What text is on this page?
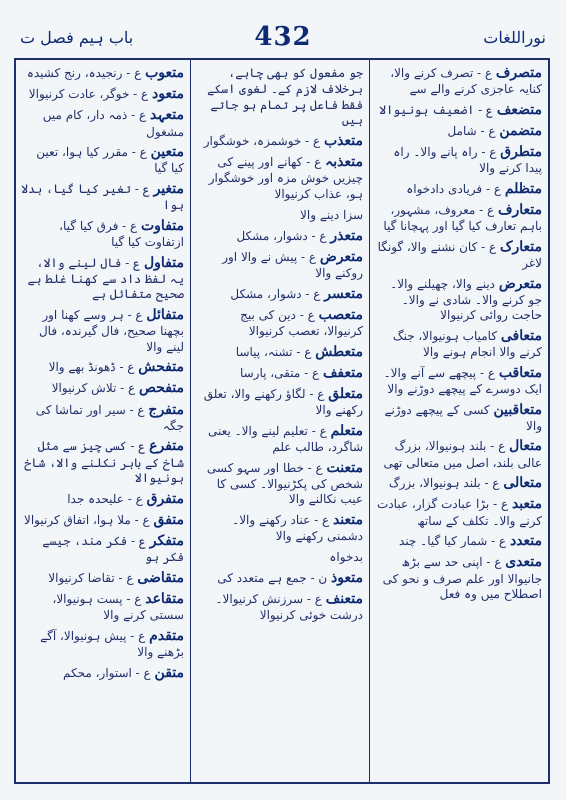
نوراللغات
432
باب ہیم فصل ت
متصرف ع - تصرف کرنے والا، کنایہ عاجزی کرنے والے سے
متضعف ع - اضعیف ہونیوالا
متضمن ع - شامل
متطرق ع - راہ پانے والا۔ راہ پیدا کرنے والا
متظلم ع - فریادی دادخواہ
متعارف ع - معروف، مشہور، باہم تعارف کیا گیا اور پہچانا گیا
متعارک ع - کان نشنے والا، گونگا لاغر
متعرض دینے والا، چھیلنے والا۔ جو کرنے والا۔ شادی نے والا۔ حاجت روائی کرنیوالا
متعافی کامیاب ہونیوالا، جنگ کرنے والا انجام ہونے والا
متعاقب ع - پیچھے سے آنے والا۔ ایک دوسرے کے پیچھے دوڑنے والا
متعاقبین کسی کے پیچھے دوڑنے والا
متعال ع - بلند ہونیوالا، بزرگ عالی بلند، اصل میں متعالی تھی
متعالی ع - بلند ہونیوالا، بزرگ
متعبد ع - بڑا عبادت گزار، عبادت کرنے والا۔ تکلف کے ساتھ
متعدد ع - شمار کیا گیا۔ چند
متعدی ع - اپنی حد سے بڑھ جانیوالا اور علم صرف و نحو کی اصطلاح میں وہ فعل
جو مفعول کو بھی چاہے، برخلاف لازم کے۔ لغوی اسکے فقط فاعل پر تمام ہو جاتے ہیں
متعذب ع - خوشمزہ، خوشگوار
متعذبہ ع - کھانے اور پینے کی چیزیں خوش مزہ اور خوشگوار ہو، عذاب کرنیوالا
سزا دینے والا
متعذر ع - دشوار، مشکل
متعرض ع - پیش نے والا اور روکنے والا
متعسر ع - دشوار، مشکل
متعصب ع - دین کی بیج کرنیوالا، تعصب کرنیوالا
متعطش ع - تشنہ، پیاسا
متعفف ع - متقی، پارسا
متعلق ع - لگاؤ رکھنے والا، تعلق رکھنے والا
متعلم ع - تعلیم لینے والا۔ یعنی شاگرد، طالب علم
متعنت ع - خطا اور سہو کسی شخص کی پکڑنیوالا۔ کسی کا عیب نکالنے والا
متعند ع - عناد رکھنے والا۔ دشمنی رکھنے والا
بدخواہ
متعوذ ن - جمع ہے متعدد کی
متعنف ع - سرزنش کرنیوالا۔ درشت خوئی کرنیوالا
متعوب ع - رنجیدہ، رنج کشیدہ
متعود ع - خوگر، عادت کرنیوالا
متعہد ع - ذمہ دار، کام میں مشغول
متعین ع - مقرر کیا ہوا، تعین کیا گیا
متغیر ع - تغیر کیا گیا، بدلا ہوا
متفاوت ع - فرق کیا گیا، ازتفاوت کیا گیا
متفاول ع - فال لینے والا، یہ لفظ داد سے کھنا غلط ہے صحیح متفائل ہے
متفائل ع - ہر وسے کھنا اور بچھنا صحیح، فال گیرندہ، فال لینے والا
متفحش ع - ڈھونڈ بھے والا
متفحص ع - تلاش کرنیوالا
متفرج ع - سیر اور تماشا کی جگہ
متفرع ع - کسی چیز سے مثل شاخ کے باہر نکلنے والا، شاخ ہونیوالا
متفرق ع - علیحدہ جدا
متفق ع - ملا ہوا، اتفاق کرنیوالا
متفکر ع - فکر مند، جیسے فکر ہو
متقاضی ع - تقاضا کرنیوالا
متقاعد ع - پست ہونیوالا، سستی کرنے والا
متقدم ع - پیش ہونیوالا، آگے بڑھنے والا
متقن ع - استوار، محکم
